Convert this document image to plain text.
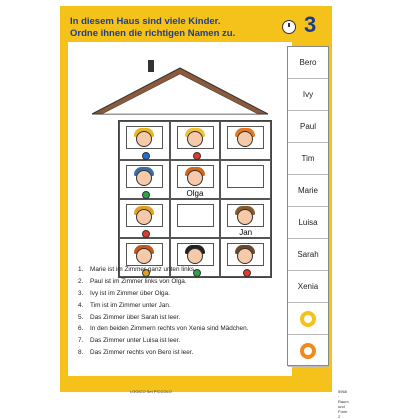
In diesem Haus sind viele Kinder.
Ordne ihnen die richtigen Namen zu.	3
Olga
Jan
1.	Marie ist im Zimmer ganz unten links.
2.	Paul ist im Zimmer links von Olga.
3.	Ivy ist im Zimmer über Olga.
4.	Tim ist im Zimmer unter Jan.
5.	Das Zimmer über Sarah ist leer.
6.	In den beiden Zimmern rechts von Xenia sind Mädchen.
7.	Das Zimmer unter Luisa ist leer.
8.	Das Zimmer rechts von Bero ist leer.
LOGICO Set PICCOLO	5968 · Raum und Form 2
Bero
Ivy
Paul
Tim
Marie
Luisa
Sarah
Xenia
